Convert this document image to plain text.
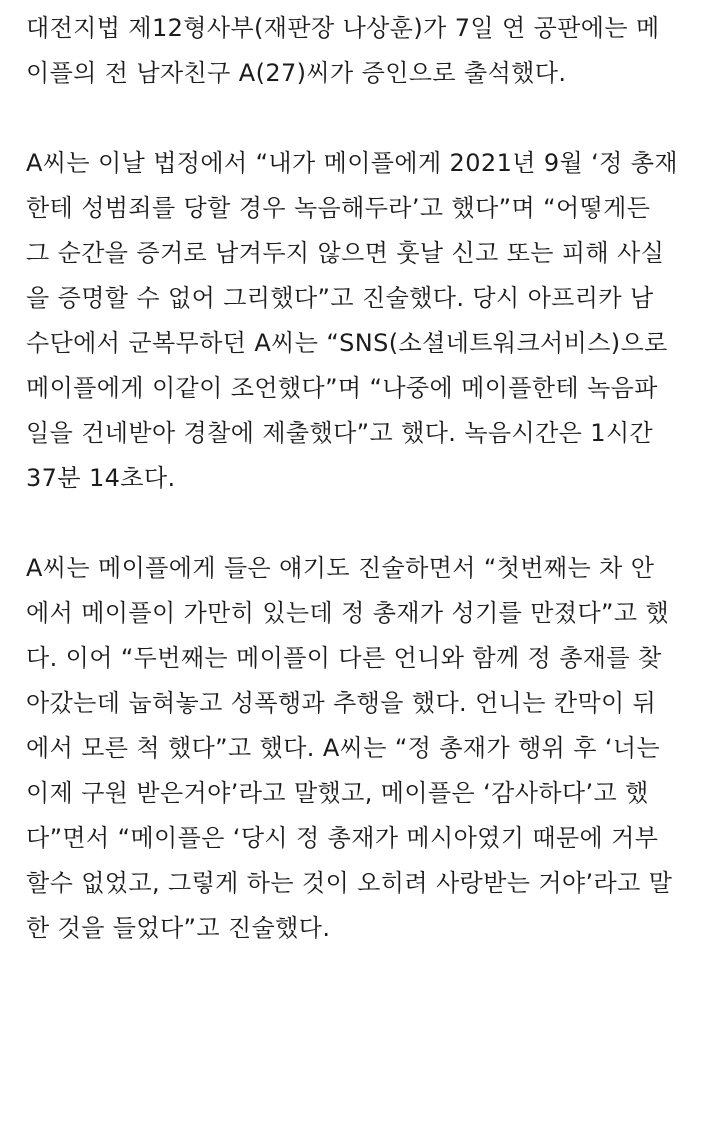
대전지법 제12형사부(재판장 나상훈)가 7일 연 공판에는 메
이플의 전 남자친구 A(27)씨가 증인으로 출석했다.
A씨는 이날 법정에서 “내가 메이플에게 2021년 9월 ‘정 총재
한테 성범죄를 당할 경우 녹음해두라’고 했다”며 “어떻게든
그 순간을 증거로 남겨두지 않으면 훗날 신고 또는 피해 사실
을 증명할 수 없어 그리했다”고 진술했다. 당시 아프리카 남
수단에서 군복무하던 A씨는 “SNS(소셜네트워크서비스)으로
메이플에게 이같이 조언했다”며 “나중에 메이플한테 녹음파
일을 건네받아 경찰에 제출했다”고 했다. 녹음시간은 1시간
37분 14초다.
A씨는 메이플에게 들은 얘기도 진술하면서 “첫번째는 차 안
에서 메이플이 가만히 있는데 정 총재가 성기를 만졌다”고 했
다. 이어 “두번째는 메이플이 다른 언니와 함께 정 총재를 찾
아갔는데 눕혀놓고 성폭행과 추행을 했다. 언니는 칸막이 뒤
에서 모른 척 했다”고 했다. A씨는 “정 총재가 행위 후 ‘너는
이제 구원 받은거야’라고 말했고, 메이플은 ‘감사하다’고 했
다”면서 “메이플은 ‘당시 정 총재가 메시아였기 때문에 거부
할수 없었고, 그렇게 하는 것이 오히려 사랑받는 거야’라고 말
한 것을 들었다”고 진술했다.
